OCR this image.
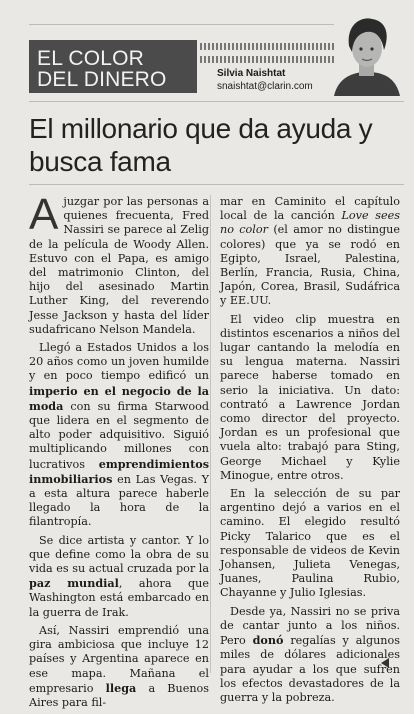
EL COLOR
DEL DINERO	Silvia Naishtat
snaishtat@clarin.com
El millonario que da ayuda y busca fama

A juzgar por las personas a quienes frecuenta, Fred Nassiri se parece al Zelig de la película de Woody Allen. Estuvo con el Papa, es amigo del matrimonio Clinton, del hijo del asesinado Martin Luther King, del reverendo Jesse Jackson y hasta del líder sudafricano Nelson Mandela.

Llegó a Estados Unidos a los 20 años como un joven humilde y en poco tiempo edificó un imperio en el negocio de la moda con su firma Starwood que lidera en el segmento de alto poder adquisitivo. Siguió multiplicando millones con lucrativos emprendimientos inmobiliarios en Las Vegas. Y a esta altura parece haberle llegado la hora de la filantropía.

Se dice artista y cantor. Y lo que define como la obra de su vida es su actual cruzada por la paz mundial, ahora que Washington está embarcado en la guerra de Irak.

Así, Nassiri emprendió una gira ambiciosa que incluye 12 países y Argentina aparece en ese mapa. Mañana el empresario llega a Buenos Aires para fil-

mar en Caminito el capítulo local de la canción Love sees no color (el amor no distingue colores) que ya se rodó en Egipto, Israel, Palestina, Berlín, Francia, Rusia, China, Japón, Corea, Brasil, Sudáfrica y EE.UU.

El video clip muestra en distintos escenarios a niños del lugar cantando la melodía en su lengua materna. Nassiri parece haberse tomado en serio la iniciativa. Un dato: contrató a Lawrence Jordan como director del proyecto. Jordan es un profesional que vuela alto: trabajó para Sting, George Michael y Kylie Minogue, entre otros.

En la selección de su par argentino dejó a varios en el camino. El elegido resultó Picky Talarico que es el responsable de videos de Kevin Johansen, Julieta Venegas, Juanes, Paulina Rubio, Chayanne y Julio Iglesias.

Desde ya, Nassiri no se priva de cantar junto a los niños. Pero donó regalías y algunos miles de dólares adicionales para ayudar a los que sufren los efectos devastadores de la guerra y la pobreza.
